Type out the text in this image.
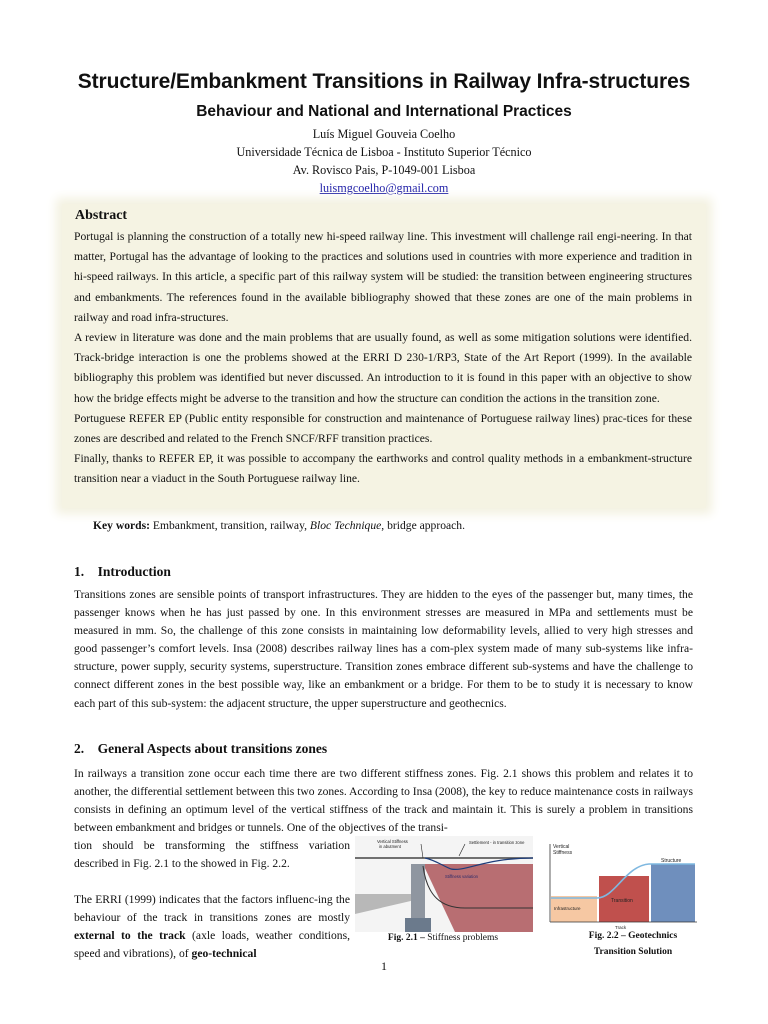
Structure/Embankment Transitions in Railway Infra-structures
Behaviour and National and International Practices

Luís Miguel Gouveia Coelho

Universidade Técnica de Lisboa - Instituto Superior Técnico

Av. Rovisco Pais, P-1049-001 Lisboa

luismgcoelho@gmail.com

Abstract

Portugal is planning the construction of a totally new hi-speed railway line. This investment will challenge rail engi-neering. In that matter, Portugal has the advantage of looking to the practices and solutions used in countries with more experience and tradition in hi-speed railways. In this article, a specific part of this railway system will be studied: the transition between engineering structures and embankments. The references found in the available bibliography showed that these zones are one of the main problems in railway and road infra-structures.

A review in literature was done and the main problems that are usually found, as well as some mitigation solutions were identified. Track-bridge interaction is one the problems showed at the ERRI D 230-1/RP3, State of the Art Report (1999). In the available bibliography this problem was identified but never discussed. An introduction to it is found in this paper with an objective to show how the bridge effects might be adverse to the transition and how the structure can condition the actions in the transition zone.

Portuguese REFER EP (Public entity responsible for construction and maintenance of Portuguese railway lines) prac-tices for these zones are described and related to the French SNCF/RFF transition practices.

Finally, thanks to REFER EP, it was possible to accompany the earthworks and control quality methods in a embankment-structure transition near a viaduct in the South Portuguese railway line.

Key words: Embankment, transition, railway, Bloc Technique, bridge approach.

1. Introduction

Transitions zones are sensible points of transport infrastructures. They are hidden to the eyes of the passenger but, many times, the passenger knows when he has just passed by one. In this environment stresses are measured in MPa and settlements must be measured in mm. So, the challenge of this zone consists in maintaining low deformability levels, allied to very high stresses and good passenger’s comfort levels. Insa (2008) describes railway lines has a com-plex system made of many sub-systems like infra-structure, power supply, security systems, superstructure. Transition zones embrace different sub-systems and have the challenge to connect different zones in the best possible way, like an embankment or a bridge. For them to be to study it is necessary to know each part of this sub-system: the adjacent structure, the upper superstructure and geothecnics.

2. General Aspects about transitions zones

In railways a transition zone occur each time there are two different stiffness zones. Fig. 2.1 shows this problem and relates it to another, the differential settlement between this two zones. According to Insa (2008), the key to reduce maintenance costs in railways consists in defining an optimum level of the vertical stiffness of the track and maintain it. This is surely a problem in transitions between embankment and bridges or tunnels. One of the objectives of the transi-

tion should be transforming the stiffness variation described in Fig. 2.1 to the showed in Fig. 2.2.

The ERRI (1999) indicates that the factors influenc-ing the behaviour of the track in transitions zones are mostly external to the track (axle loads, weather conditions, speed and vibrations), of geo-technical

Vertical Stiffness
in abutment
Settlement - in transition zone
Stiffness variation

Fig. 2.1 – Stiffness problems

Vertical
Stiffness
Structure
Transition
Infrastructure
Track

Fig. 2.2 – Geotechnics

Transition Solution

1
